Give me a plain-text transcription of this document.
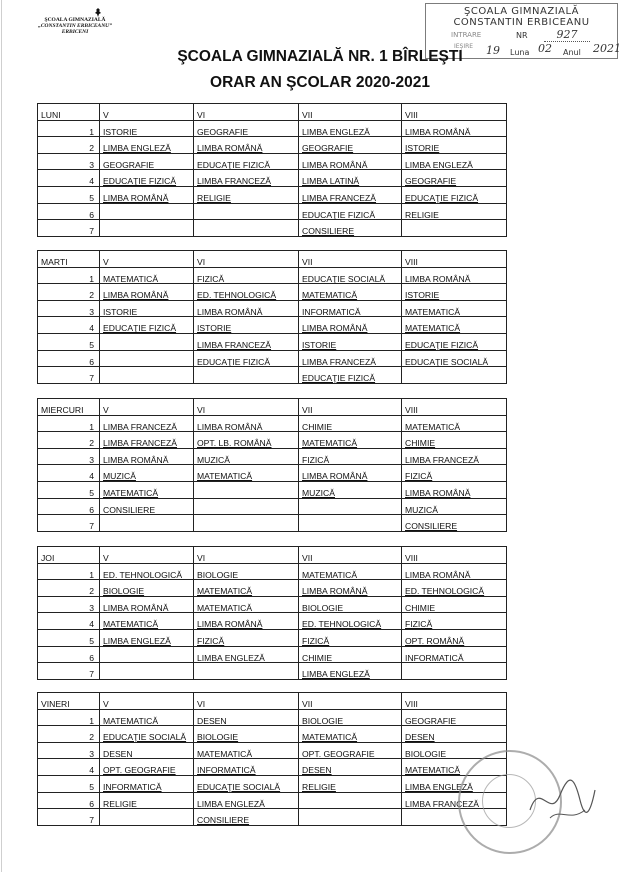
ŞCOALA GIMNAZIALĂ
„CONSTANTIN ERBICEANU”
ERBICENI
ŞCOALA GIMNAZIALĂ
CONSTANTIN ERBICEANU
INTRARE	NR	927
IEŞIRE 19 Luna 02 Anul 2021
ŞCOALA GIMNAZIALĂ NR. 1 BÎRLEŞTI
ORAR AN ŞCOLAR 2020-2021
LUNI	V	VI	VII	VIII
1	ISTORIE	GEOGRAFIE	LIMBA ENGLEZĂ	LIMBA ROMÂNĂ
2	LIMBA ENGLEZĂ	LIMBA ROMÂNĂ	GEOGRAFIE	ISTORIE
3	GEOGRAFIE	EDUCAŢIE FIZICĂ	LIMBA ROMÂNĂ	LIMBA ENGLEZĂ
4	EDUCAŢIE FIZICĂ	LIMBA FRANCEZĂ	LIMBA LATINĂ	GEOGRAFIE
5	LIMBA ROMÂNĂ	RELIGIE	LIMBA FRANCEZĂ	EDUCAŢIE FIZICĂ
6			EDUCAŢIE FIZICĂ	RELIGIE
7			CONSILIERE	
MARTI	V	VI	VII	VIII
1	MATEMATICĂ	FIZICĂ	EDUCAŢIE SOCIALĂ	LIMBA ROMÂNĂ
2	LIMBA ROMÂNĂ	ED. TEHNOLOGICĂ	MATEMATICĂ	ISTORIE
3	ISTORIE	LIMBA ROMÂNĂ	INFORMATICĂ	MATEMATICĂ
4	EDUCAŢIE FIZICĂ	ISTORIE	LIMBA ROMÂNĂ	MATEMATICĂ
5		LIMBA FRANCEZĂ	ISTORIE	EDUCAŢIE FIZICĂ
6		EDUCAŢIE FIZICĂ	LIMBA FRANCEZĂ	EDUCAŢIE SOCIALĂ
7			EDUCAŢIE FIZICĂ	
MIERCURI	V	VI	VII	VIII
1	LIMBA FRANCEZĂ	LIMBA ROMÂNĂ	CHIMIE	MATEMATICĂ
2	LIMBA FRANCEZĂ	OPT. LB. ROMÂNĂ	MATEMATICĂ	CHIMIE
3	LIMBA ROMÂNĂ	MUZICĂ	FIZICĂ	LIMBA FRANCEZĂ
4	MUZICĂ	MATEMATICĂ	LIMBA ROMÂNĂ	FIZICĂ
5	MATEMATICĂ		MUZICĂ	LIMBA ROMÂNĂ
6	CONSILIERE			MUZICĂ
7				CONSILIERE
JOI	V	VI	VII	VIII
1	ED. TEHNOLOGICĂ	BIOLOGIE	MATEMATICĂ	LIMBA ROMÂNĂ
2	BIOLOGIE	MATEMATICĂ	LIMBA ROMÂNĂ	ED. TEHNOLOGICĂ
3	LIMBA ROMÂNĂ	MATEMATICĂ	BIOLOGIE	CHIMIE
4	MATEMATICĂ	LIMBA ROMÂNĂ	ED. TEHNOLOGICĂ	FIZICĂ
5	LIMBA ENGLEZĂ	FIZICĂ	FIZICĂ	OPT. ROMÂNĂ
6		LIMBA ENGLEZĂ	CHIMIE	INFORMATICĂ
7			LIMBA ENGLEZĂ	
VINERI	V	VI	VII	VIII
1	MATEMATICĂ	DESEN	BIOLOGIE	GEOGRAFIE
2	EDUCAŢIE SOCIALĂ	BIOLOGIE	MATEMATICĂ	DESEN
3	DESEN	MATEMATICĂ	OPT. GEOGRAFIE	BIOLOGIE
4	OPT. GEOGRAFIE	INFORMATICĂ	DESEN	MATEMATICĂ
5	INFORMATICĂ	EDUCAŢIE SOCIALĂ	RELIGIE	LIMBA ENGLEZĂ
6	RELIGIE	LIMBA ENGLEZĂ		LIMBA FRANCEZĂ
7		CONSILIERE		
